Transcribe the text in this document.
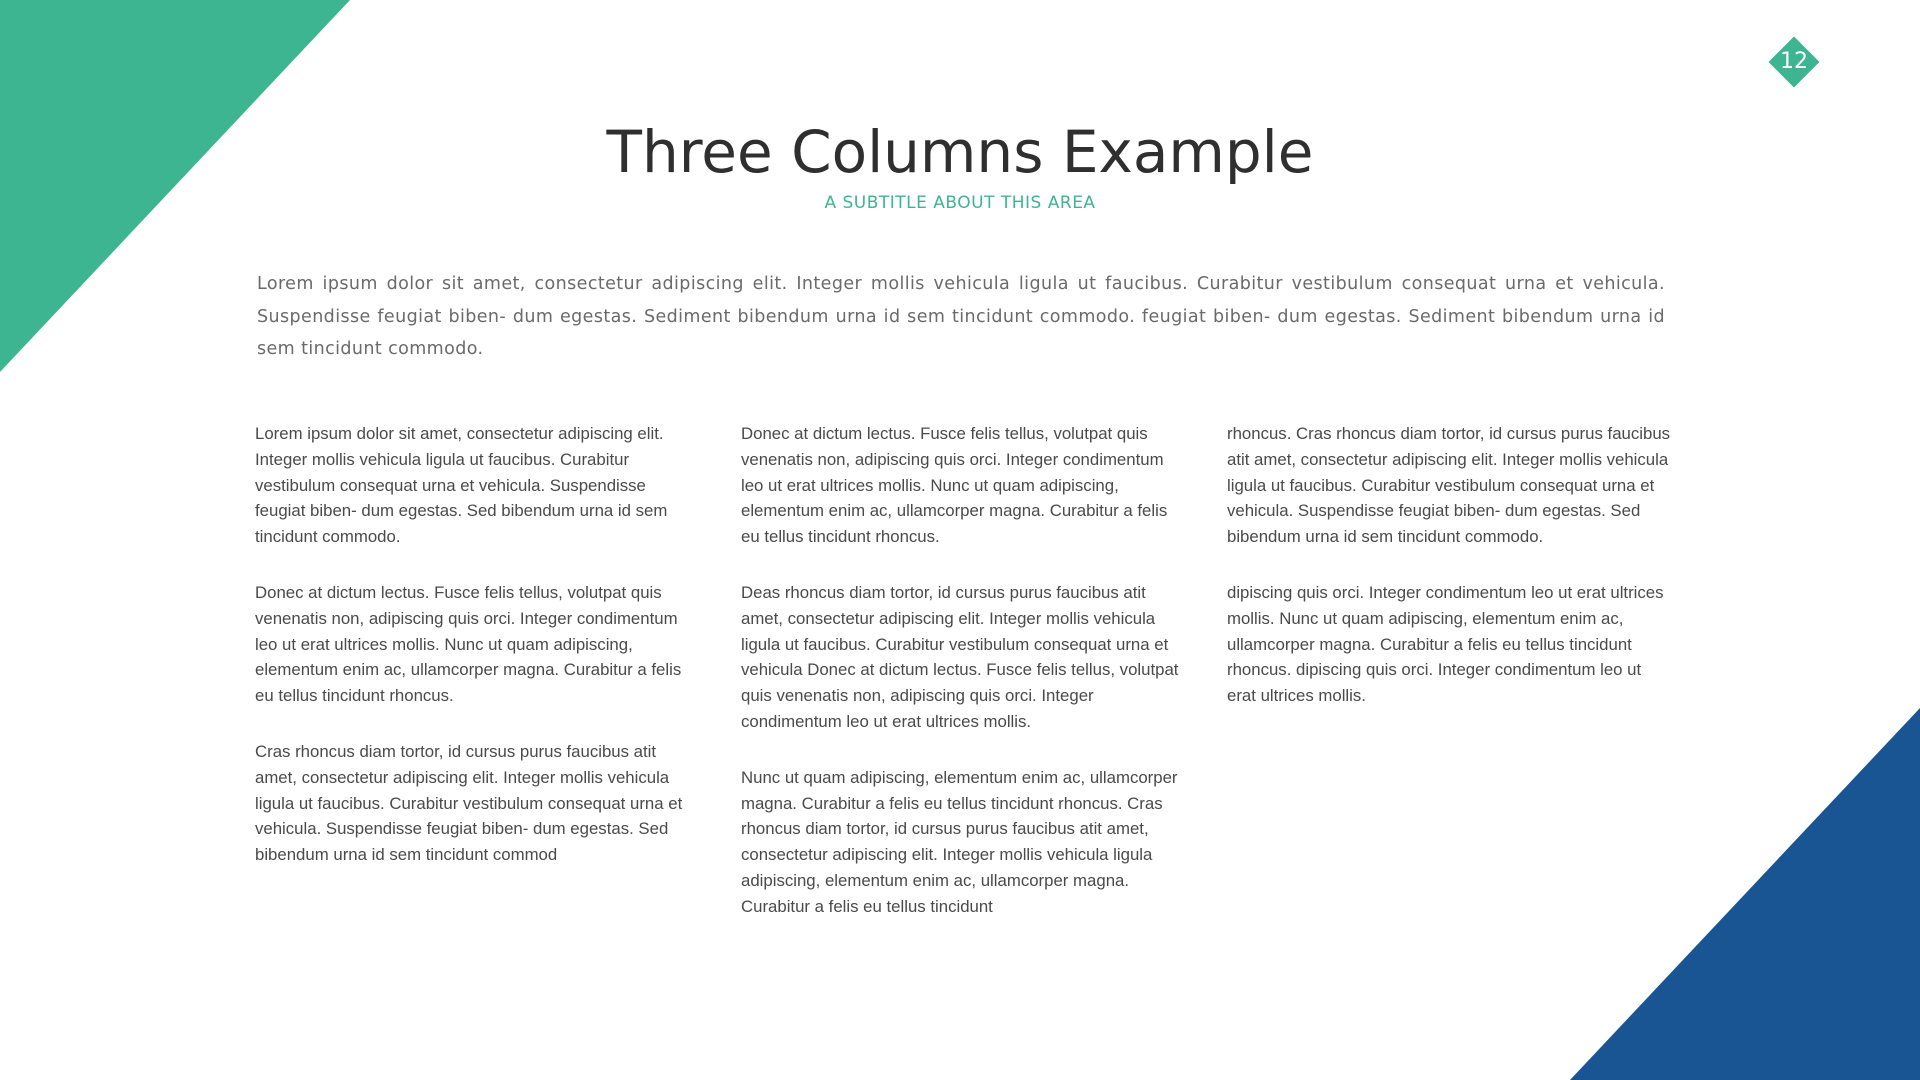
12
Three Columns Example
A SUBTITLE ABOUT THIS AREA
Lorem ipsum dolor sit amet, consectetur adipiscing elit. Integer mollis vehicula ligula ut faucibus. Curabitur vestibulum consequat urna et vehicula. Suspendisse feugiat biben- dum egestas. Sediment bibendum urna id sem tincidunt commodo. feugiat biben- dum egestas. Sediment bibendum urna id sem tincidunt commodo.

Lorem ipsum dolor sit amet, consectetur adipiscing elit. Integer mollis vehicula ligula ut faucibus. Curabitur vestibulum consequat urna et vehicula. Suspendisse feugiat biben- dum egestas. Sed bibendum urna id sem tincidunt commodo.

Donec at dictum lectus. Fusce felis tellus, volutpat quis venenatis non, adipiscing quis orci. Integer condimentum leo ut erat ultrices mollis. Nunc ut quam adipiscing, elementum enim ac, ullamcorper magna. Curabitur a felis eu tellus tincidunt rhoncus.

Cras rhoncus diam tortor, id cursus purus faucibus atit amet, consectetur adipiscing elit. Integer mollis vehicula ligula ut faucibus. Curabitur vestibulum consequat urna et vehicula. Suspendisse feugiat biben- dum egestas. Sed bibendum urna id sem tincidunt commod

Donec at dictum lectus. Fusce felis tellus, volutpat quis venenatis non, adipiscing quis orci. Integer condimentum leo ut erat ultrices mollis. Nunc ut quam adipiscing, elementum enim ac, ullamcorper magna. Curabitur a felis eu tellus tincidunt rhoncus.

Deas rhoncus diam tortor, id cursus purus faucibus atit amet, consectetur adipiscing elit. Integer mollis vehicula ligula ut faucibus. Curabitur vestibulum consequat urna et vehicula Donec at dictum lectus. Fusce felis tellus, volutpat quis venenatis non, adipiscing quis orci. Integer condimentum leo ut erat ultrices mollis.

Nunc ut quam adipiscing, elementum enim ac, ullamcorper magna. Curabitur a felis eu tellus tincidunt rhoncus. Cras rhoncus diam tortor, id cursus purus faucibus atit amet, consectetur adipiscing elit. Integer mollis vehicula ligula adipiscing, elementum enim ac, ullamcorper magna. Curabitur a felis eu tellus tincidunt

rhoncus. Cras rhoncus diam tortor, id cursus purus faucibus atit amet, consectetur adipiscing elit. Integer mollis vehicula ligula ut faucibus. Curabitur vestibulum consequat urna et vehicula. Suspendisse feugiat biben- dum egestas. Sed bibendum urna id sem tincidunt commodo.

dipiscing quis orci. Integer condimentum leo ut erat ultrices mollis. Nunc ut quam adipiscing, elementum enim ac, ullamcorper magna. Curabitur a felis eu tellus tincidunt rhoncus. dipiscing quis orci. Integer condimentum leo ut erat ultrices mollis.
